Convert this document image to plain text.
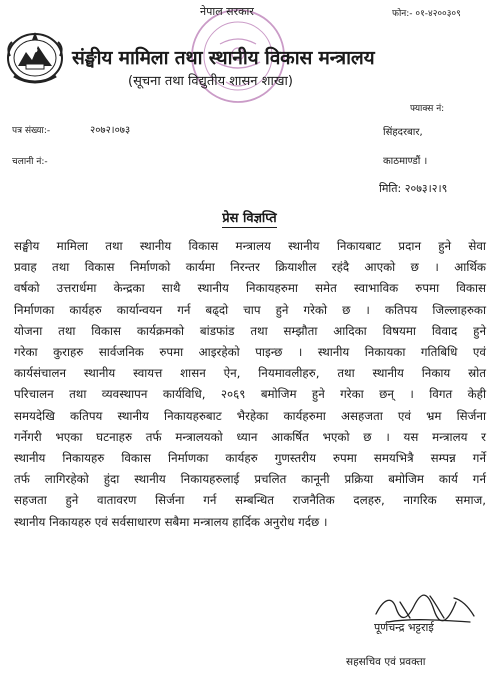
नेपाल सरकार	फोन:- ०१-४२००३०९
संङ्घीय मामिला तथा स्थानीय विकास मन्त्रालय
(सूचना तथा विद्युतीय शासन शाखा)
फ्याक्स नं:
पत्र संख्या:-	२०७२।०७३	सिंहदरबार,
चलानी नं:-	काठमाण्डौं ।
मिति: २०७३।२।९
प्रेस विज्ञप्ति
सङ्घीय मामिला तथा स्थानीय विकास मन्त्रालय स्थानीय निकायबाट प्रदान हुने सेवा
प्रवाह तथा विकास निर्माणको कार्यमा निरन्तर क्रियाशील रहंदै आएको छ । आर्थिक
वर्षको उत्तरार्धमा केन्द्रका साथै स्थानीय निकायहरुमा समेत स्वाभाविक रुपमा विकास
निर्माणका कार्यहरु कार्यान्वयन गर्न बढ्दो चाप हुने गरेको छ । कतिपय जिल्लाहरुका
योजना तथा विकास कार्यक्रमको बांडफांड तथा सम्झौता आदिका विषयमा विवाद हुने
गरेका कुराहरु सार्वजनिक रुपमा आइरहेको पाइन्छ । स्थानीय निकायका गतिबिधि एवं
कार्यसंचालन स्थानीय स्वायत्त शासन ऐन, नियमावलीहरु, तथा स्थानीय निकाय स्रोत
परिचालन तथा व्यवस्थापन कार्यविधि, २०६९ बमोजिम हुने गरेका छन् । विगत केही
समयदेखि कतिपय स्थानीय निकायहरुबाट भैरहेका कार्यहरुमा असहजता एवं भ्रम सिर्जना
गर्नेगरी भएका घटनाहरु तर्फ मन्त्रालयको ध्यान आकर्षित भएको छ । यस मन्त्रालय र
स्थानीय निकायहरु विकास निर्माणका कार्यहरु गुणस्तरीय रुपमा समयभित्रै सम्पन्न गर्ने
तर्फ लागिरहेको हुंदा स्थानीय निकायहरुलाई प्रचलित कानूनी प्रक्रिया बमोजिम कार्य गर्न
सहजता हुने वातावरण सिर्जना गर्न सम्बन्धित राजनैतिक दलहरु, नागरिक समाज,
स्थानीय निकायहरु एवं सर्वसाधारण सबैमा मन्त्रालय हार्दिक अनुरोध गर्दछ ।
पूर्णचन्द्र भट्टराई
सहसचिव एवं प्रवक्ता
